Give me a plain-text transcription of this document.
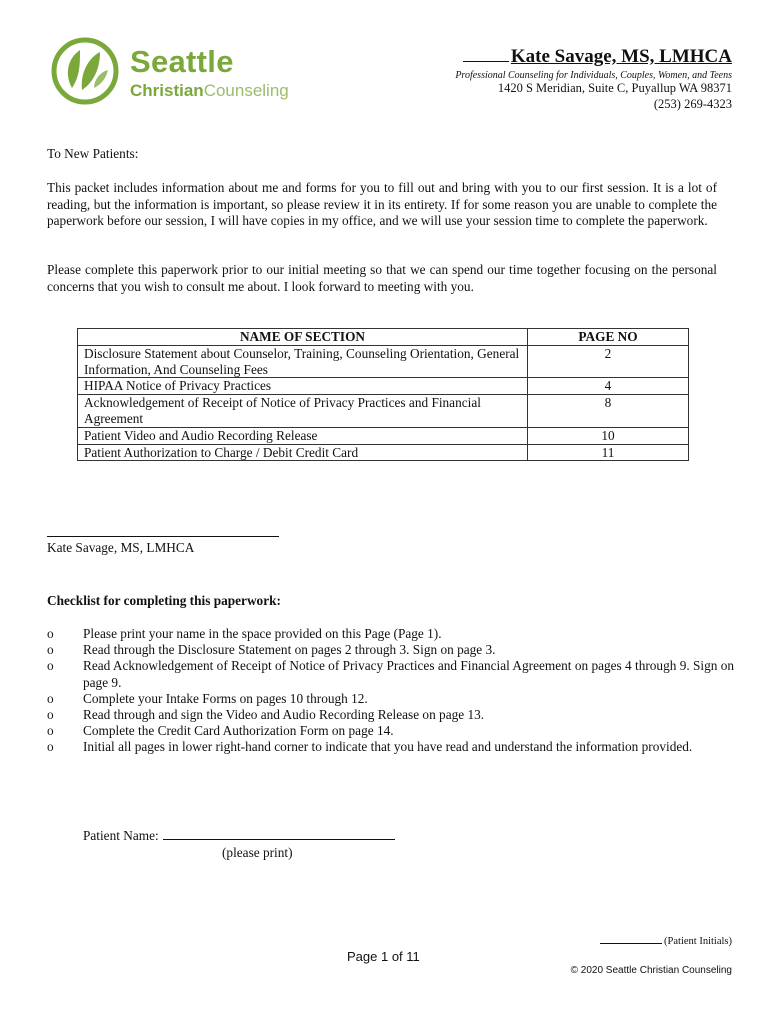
Seattle
ChristianCounseling
Kate Savage, MS, LMHCA
Professional Counseling for Individuals, Couples, Women, and Teens
1420 S Meridian, Suite C, Puyallup WA 98371
(253) 269-4323

To New Patients:

This packet includes information about me and forms for you to fill out and bring with you to our first session. It is a lot of reading, but the information is important, so please review it in its entirety. If for some reason you are unable to complete the paperwork before our session, I will have copies in my office, and we will use your session time to complete the paperwork.

Please complete this paperwork prior to our initial meeting so that we can spend our time together focusing on the personal concerns that you wish to consult me about. I look forward to meeting with you.

NAME OF SECTION	PAGE NO
Disclosure Statement about Counselor, Training, Counseling Orientation, General Information, And Counseling Fees	2
HIPAA Notice of Privacy Practices	4
Acknowledgement of Receipt of Notice of Privacy Practices and Financial Agreement	8
Patient Video and Audio Recording Release	10
Patient Authorization to Charge / Debit Credit Card	11
Kate Savage, MS, LMHCA
Checklist for completing this paperwork:
o Please print your name in the space provided on this Page (Page 1).
o Read through the Disclosure Statement on pages 2 through 3. Sign on page 3.
o Read Acknowledgement of Receipt of Notice of Privacy Practices and Financial Agreement on pages 4 through 9. Sign on page 9.
o Complete your Intake Forms on pages 10 through 12.
o Read through and sign the Video and Audio Recording Release on page 13.
o Complete the Credit Card Authorization Form on page 14.
o Initial all pages in lower right-hand corner to indicate that you have read and understand the information provided.
Patient Name:
(please print)
(Patient Initials)
Page 1 of 11
© 2020 Seattle Christian Counseling
